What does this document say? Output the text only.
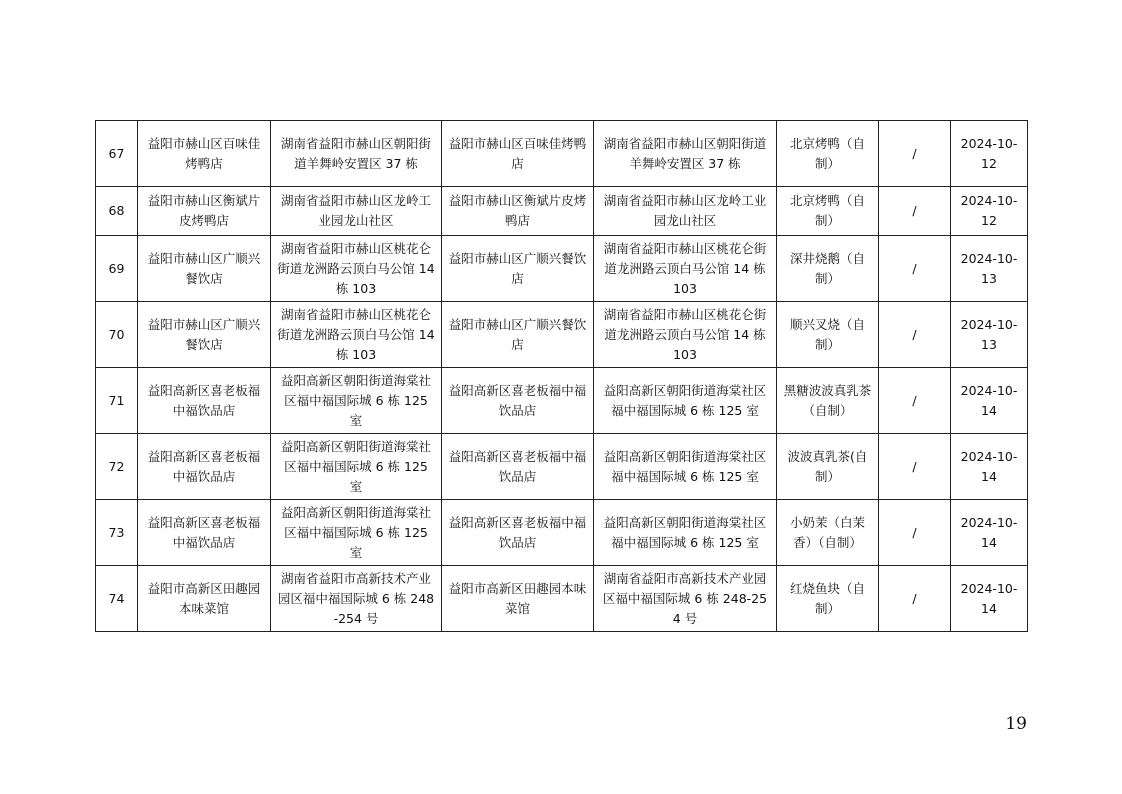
67	益阳市赫山区百味佳烤鸭店	湖南省益阳市赫山区朝阳街道羊舞岭安置区 37 栋	益阳市赫山区百味佳烤鸭店	湖南省益阳市赫山区朝阳街道羊舞岭安置区 37 栋	北京烤鸭（自制）	/	2024-10-12
68	益阳市赫山区衡斌片皮烤鸭店	湖南省益阳市赫山区龙岭工业园龙山社区	益阳市赫山区衡斌片皮烤鸭店	湖南省益阳市赫山区龙岭工业园龙山社区	北京烤鸭（自制）	/	2024-10-12
69	益阳市赫山区广顺兴餐饮店	湖南省益阳市赫山区桃花仑街道龙洲路云顶白马公馆 14 栋 103	益阳市赫山区广顺兴餐饮店	湖南省益阳市赫山区桃花仑街道龙洲路云顶白马公馆 14 栋 103	深井烧鹅（自制）	/	2024-10-13
70	益阳市赫山区广顺兴餐饮店	湖南省益阳市赫山区桃花仑街道龙洲路云顶白马公馆 14 栋 103	益阳市赫山区广顺兴餐饮店	湖南省益阳市赫山区桃花仑街道龙洲路云顶白马公馆 14 栋 103	顺兴叉烧（自制）	/	2024-10-13
71	益阳高新区喜老板福中福饮品店	益阳高新区朝阳街道海棠社区福中福国际城 6 栋 125 室	益阳高新区喜老板福中福饮品店	益阳高新区朝阳街道海棠社区福中福国际城 6 栋 125 室	黑糖波波真乳茶（自制）	/	2024-10-14
72	益阳高新区喜老板福中福饮品店	益阳高新区朝阳街道海棠社区福中福国际城 6 栋 125 室	益阳高新区喜老板福中福饮品店	益阳高新区朝阳街道海棠社区福中福国际城 6 栋 125 室	波波真乳茶(自制）	/	2024-10-14
73	益阳高新区喜老板福中福饮品店	益阳高新区朝阳街道海棠社区福中福国际城 6 栋 125 室	益阳高新区喜老板福中福饮品店	益阳高新区朝阳街道海棠社区福中福国际城 6 栋 125 室	小奶茉（白茉香）（自制）	/	2024-10-14
74	益阳市高新区田趣园本味菜馆	湖南省益阳市高新技术产业园区福中福国际城 6 栋 248-254 号	益阳市高新区田趣园本味菜馆	湖南省益阳市高新技术产业园区福中福国际城 6 栋 248-254 号	红烧鱼块（自制）	/	2024-10-14
19
